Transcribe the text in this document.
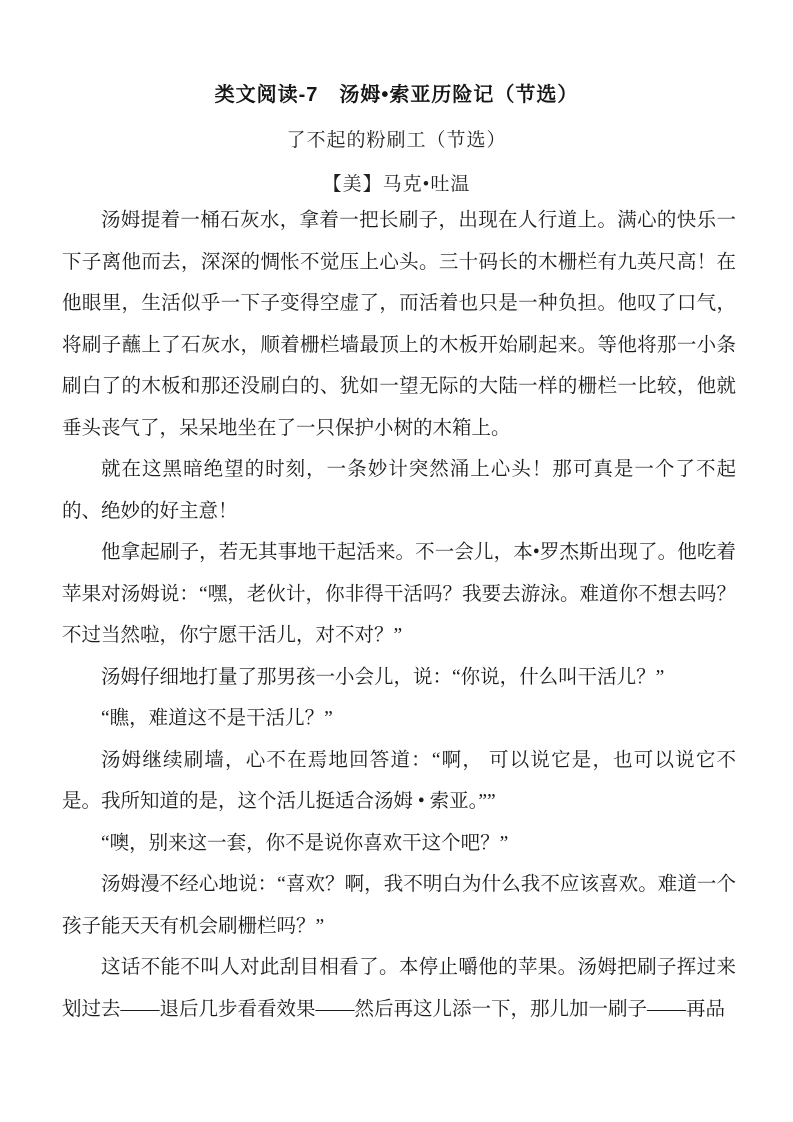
类文阅读-7　汤姆•索亚历险记（节选）
了不起的粉刷工（节选）
【美】马克•吐温

汤姆提着一桶石灰水，拿着一把长刷子，出现在人行道上。满心的快乐一下子离他而去，深深的惆怅不觉压上心头。三十码长的木栅栏有九英尺高！在他眼里，生活似乎一下子变得空虚了，而活着也只是一种负担。他叹了口气，将刷子蘸上了石灰水，顺着栅栏墙最顶上的木板开始刷起来。等他将那一小条刷白了的木板和那还没刷白的、犹如一望无际的大陆一样的栅栏一比较，他就垂头丧气了，呆呆地坐在了一只保护小树的木箱上。

就在这黑暗绝望的时刻，一条妙计突然涌上心头！那可真是一个了不起的、绝妙的好主意！

他拿起刷子，若无其事地干起活来。不一会儿，本•罗杰斯出现了。他吃着苹果对汤姆说：“嘿，老伙计，你非得干活吗？我要去游泳。难道你不想去吗？不过当然啦，你宁愿干活儿，对不对？”

汤姆仔细地打量了那男孩一小会儿，说：“你说，什么叫干活儿？”

“瞧，难道这不是干活儿？”

汤姆继续刷墙，心不在焉地回答道：“啊， 可以说它是，也可以说它不是。我所知道的是，这个活儿挺适合汤姆 • 索亚。””

“噢，别来这一套，你不是说你喜欢干这个吧？”

汤姆漫不经心地说：“喜欢？啊，我不明白为什么我不应该喜欢。难道一个孩子能天天有机会刷栅栏吗？”

这话不能不叫人对此刮目相看了。本停止嚼他的苹果。汤姆把刷子挥过来划过去——退后几步看看效果——然后再这儿添一下，那儿加一刷子——再品
